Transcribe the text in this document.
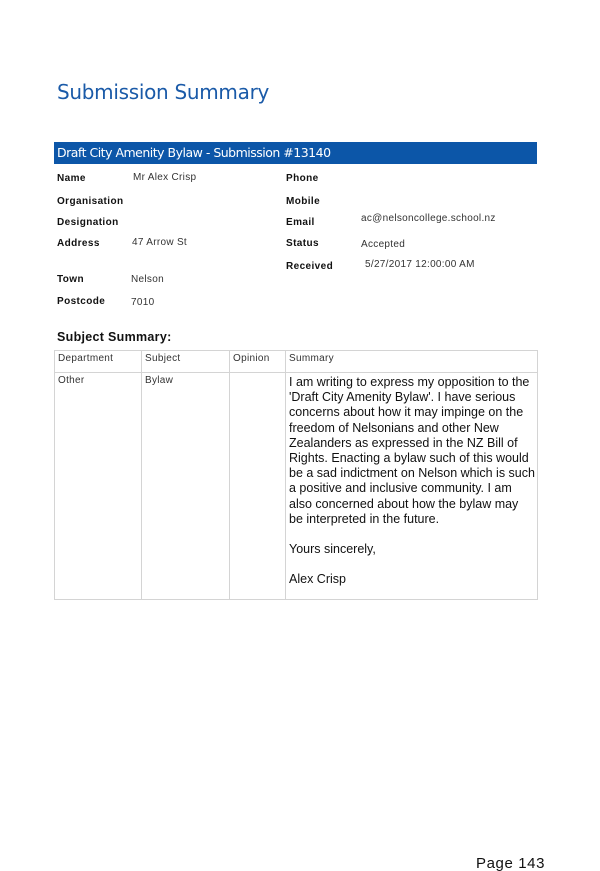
Submission Summary
Draft City Amenity Bylaw - Submission #13140
Name	Mr Alex Crisp
Organisation
Designation
Address	47 Arrow St
Town	Nelson
Postcode	7010
Phone
Mobile
Email	ac@nelsoncollege.school.nz
Status	Accepted
Received	5/27/2017 12:00:00 AM
Subject Summary:
Department	Subject	Opinion	Summary
Other	Bylaw		I am writing to express my opposition to the 'Draft City Amenity Bylaw'. I have serious concerns about how it may impinge on the freedom of Nelsonians and other New Zealanders as expressed in the NZ Bill of Rights. Enacting a bylaw such of this would be a sad indictment on Nelson which is such a positive and inclusive community. I am also concerned about how the bylaw may be interpreted in the future.

Yours sincerely,

Alex Crisp

Page 143
